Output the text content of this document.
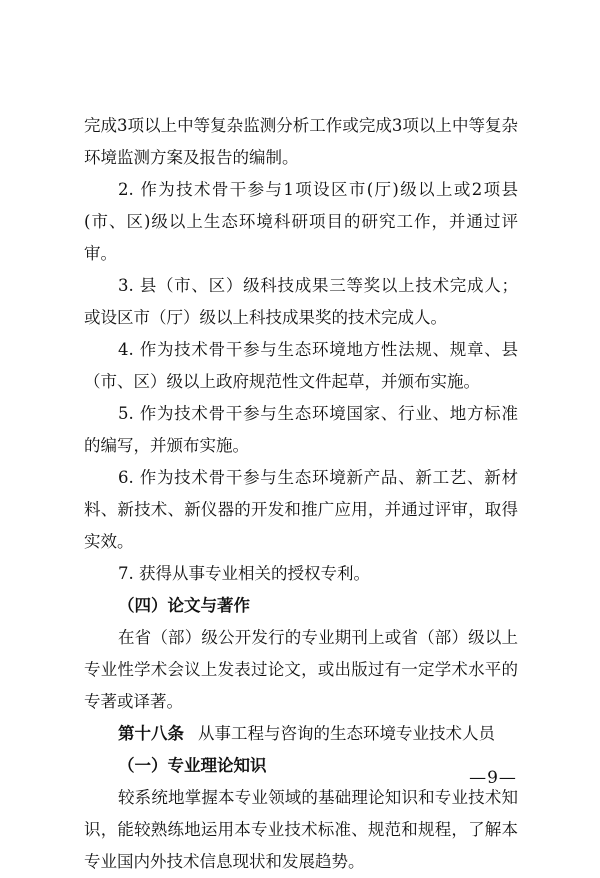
完成3项以上中等复杂监测分析工作或完成3项以上中等复杂环境监测方案及报告的编制。

2. 作为技术骨干参与1项设区市(厅)级以上或2项县(市、区)级以上生态环境科研项目的研究工作，并通过评审。

3. 县（市、区）级科技成果三等奖以上技术完成人；或设区市（厅）级以上科技成果奖的技术完成人。

4. 作为技术骨干参与生态环境地方性法规、规章、县（市、区）级以上政府规范性文件起草，并颁布实施。

5. 作为技术骨干参与生态环境国家、行业、地方标准的编写，并颁布实施。

6. 作为技术骨干参与生态环境新产品、新工艺、新材料、新技术、新仪器的开发和推广应用，并通过评审，取得实效。

7. 获得从事专业相关的授权专利。

（四）论文与著作

在省（部）级公开发行的专业期刊上或省（部）级以上专业性学术会议上发表过论文，或出版过有一定学术水平的专著或译著。

第十八条 从事工程与咨询的生态环境专业技术人员

（一）专业理论知识

较系统地掌握本专业领域的基础理论知识和专业技术知识，能较熟练地运用本专业技术标准、规范和规程，了解本专业国内外技术信息现状和发展趋势。

—9—
